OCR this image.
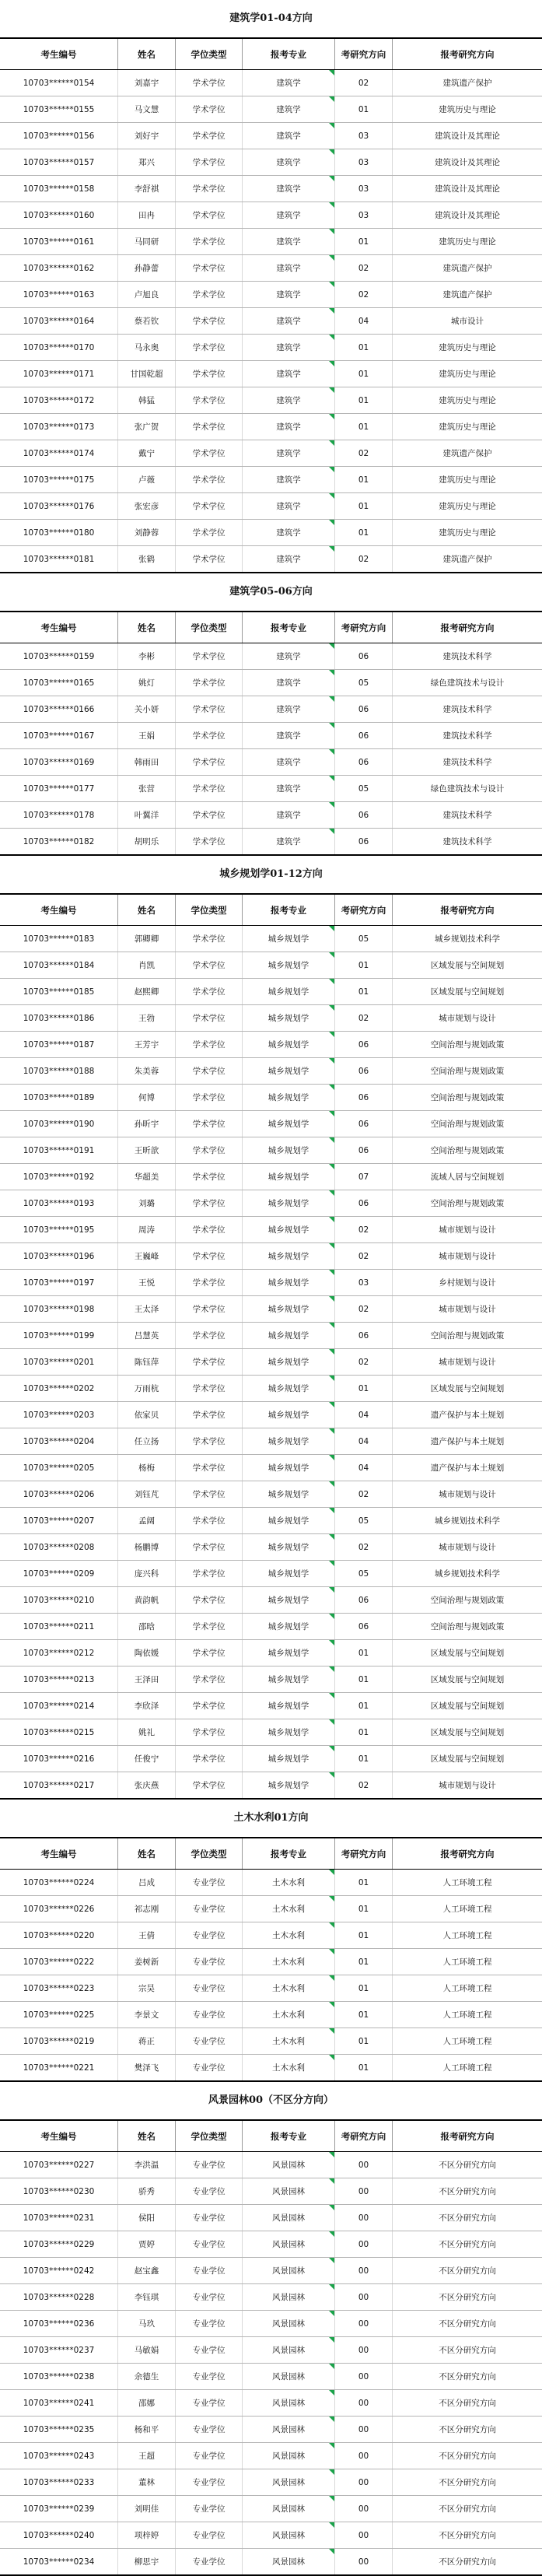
建筑学01-04方向
考生编号	姓名	学位类型	报考专业	考研究方向	报考研究方向
10703******0154	刘嘉宇	学术学位	建筑学	02	建筑遗产保护
10703******0155	马文慧	学术学位	建筑学	01	建筑历史与理论
10703******0156	刘好宇	学术学位	建筑学	03	建筑设计及其理论
10703******0157	郑兴	学术学位	建筑学	03	建筑设计及其理论
10703******0158	李舒祺	学术学位	建筑学	03	建筑设计及其理论
10703******0160	田冉	学术学位	建筑学	03	建筑设计及其理论
10703******0161	马同研	学术学位	建筑学	01	建筑历史与理论
10703******0162	孙静蕾	学术学位	建筑学	02	建筑遗产保护
10703******0163	卢旭良	学术学位	建筑学	02	建筑遗产保护
10703******0164	蔡若钦	学术学位	建筑学	04	城市设计
10703******0170	马永奥	学术学位	建筑学	01	建筑历史与理论
10703******0171	甘国乾超	学术学位	建筑学	01	建筑历史与理论
10703******0172	韩猛	学术学位	建筑学	01	建筑历史与理论
10703******0173	张广贺	学术学位	建筑学	01	建筑历史与理论
10703******0174	戴宁	学术学位	建筑学	02	建筑遗产保护
10703******0175	卢薇	学术学位	建筑学	01	建筑历史与理论
10703******0176	张宏彦	学术学位	建筑学	01	建筑历史与理论
10703******0180	刘静蓉	学术学位	建筑学	01	建筑历史与理论
10703******0181	张鹤	学术学位	建筑学	02	建筑遗产保护
建筑学05-06方向
考生编号	姓名	学位类型	报考专业	考研究方向	报考研究方向
10703******0159	李彬	学术学位	建筑学	06	建筑技术科学
10703******0165	姚灯	学术学位	建筑学	05	绿色建筑技术与设计
10703******0166	关小妍	学术学位	建筑学	06	建筑技术科学
10703******0167	王娟	学术学位	建筑学	06	建筑技术科学
10703******0169	韩雨田	学术学位	建筑学	06	建筑技术科学
10703******0177	张营	学术学位	建筑学	05	绿色建筑技术与设计
10703******0178	叶翼洋	学术学位	建筑学	06	建筑技术科学
10703******0182	胡明乐	学术学位	建筑学	06	建筑技术科学
城乡规划学01-12方向
考生编号	姓名	学位类型	报考专业	考研究方向	报考研究方向
10703******0183	郭卿卿	学术学位	城乡规划学	05	城乡规划技术科学
10703******0184	肖凯	学术学位	城乡规划学	01	区域发展与空间规划
10703******0185	赵熙卿	学术学位	城乡规划学	01	区域发展与空间规划
10703******0186	王勃	学术学位	城乡规划学	02	城市规划与设计
10703******0187	王芳宇	学术学位	城乡规划学	06	空间治理与规划政策
10703******0188	朱美蓉	学术学位	城乡规划学	06	空间治理与规划政策
10703******0189	何博	学术学位	城乡规划学	06	空间治理与规划政策
10703******0190	孙昕宇	学术学位	城乡规划学	06	空间治理与规划政策
10703******0191	王昕歆	学术学位	城乡规划学	06	空间治理与规划政策
10703******0192	华超美	学术学位	城乡规划学	07	流域人居与空间规划
10703******0193	刘璐	学术学位	城乡规划学	06	空间治理与规划政策
10703******0195	周涛	学术学位	城乡规划学	02	城市规划与设计
10703******0196	王巍峰	学术学位	城乡规划学	02	城市规划与设计
10703******0197	王悦	学术学位	城乡规划学	03	乡村规划与设计
10703******0198	王太泽	学术学位	城乡规划学	02	城市规划与设计
10703******0199	吕慧英	学术学位	城乡规划学	06	空间治理与规划政策
10703******0201	陈钰萍	学术学位	城乡规划学	02	城市规划与设计
10703******0202	万雨杭	学术学位	城乡规划学	01	区域发展与空间规划
10703******0203	依家贝	学术学位	城乡规划学	04	遗产保护与本土规划
10703******0204	任立扬	学术学位	城乡规划学	04	遗产保护与本土规划
10703******0205	杨梅	学术学位	城乡规划学	04	遗产保护与本土规划
10703******0206	刘钰芃	学术学位	城乡规划学	02	城市规划与设计
10703******0207	孟阔	学术学位	城乡规划学	05	城乡规划技术科学
10703******0208	杨鹏博	学术学位	城乡规划学	02	城市规划与设计
10703******0209	庞兴科	学术学位	城乡规划学	05	城乡规划技术科学
10703******0210	黄韵帆	学术学位	城乡规划学	06	空间治理与规划政策
10703******0211	邵晗	学术学位	城乡规划学	06	空间治理与规划政策
10703******0212	陶依媛	学术学位	城乡规划学	01	区域发展与空间规划
10703******0213	王泽田	学术学位	城乡规划学	01	区域发展与空间规划
10703******0214	李欣泽	学术学位	城乡规划学	01	区域发展与空间规划
10703******0215	姚礼	学术学位	城乡规划学	01	区域发展与空间规划
10703******0216	任俊宁	学术学位	城乡规划学	01	区域发展与空间规划
10703******0217	张庆燕	学术学位	城乡规划学	02	城市规划与设计
土木水利01方向
考生编号	姓名	学位类型	报考专业	考研究方向	报考研究方向
10703******0224	吕成	专业学位	土木水利	01	人工环境工程
10703******0226	祁志刚	专业学位	土木水利	01	人工环境工程
10703******0220	王倩	专业学位	土木水利	01	人工环境工程
10703******0222	姜树新	专业学位	土木水利	01	人工环境工程
10703******0223	宗昊	专业学位	土木水利	01	人工环境工程
10703******0225	李景文	专业学位	土木水利	01	人工环境工程
10703******0219	蒋正	专业学位	土木水利	01	人工环境工程
10703******0221	樊泽飞	专业学位	土木水利	01	人工环境工程
风景园林00（不区分方向）
考生编号	姓名	学位类型	报考专业	考研究方向	报考研究方向
10703******0227	李洪温	专业学位	风景园林	00	不区分研究方向
10703******0230	骄秀	专业学位	风景园林	00	不区分研究方向
10703******0231	侯阳	专业学位	风景园林	00	不区分研究方向
10703******0229	贾婷	专业学位	风景园林	00	不区分研究方向
10703******0242	赵宝鑫	专业学位	风景园林	00	不区分研究方向
10703******0228	李钰琪	专业学位	风景园林	00	不区分研究方向
10703******0236	马玖	专业学位	风景园林	00	不区分研究方向
10703******0237	马敏娟	专业学位	风景园林	00	不区分研究方向
10703******0238	余德生	专业学位	风景园林	00	不区分研究方向
10703******0241	邵娜	专业学位	风景园林	00	不区分研究方向
10703******0235	杨和平	专业学位	风景园林	00	不区分研究方向
10703******0243	王超	专业学位	风景园林	00	不区分研究方向
10703******0233	董林	专业学位	风景园林	00	不区分研究方向
10703******0239	刘明佳	专业学位	风景园林	00	不区分研究方向
10703******0240	项梓婷	专业学位	风景园林	00	不区分研究方向
10703******0234	柳思宇	专业学位	风景园林	00	不区分研究方向
